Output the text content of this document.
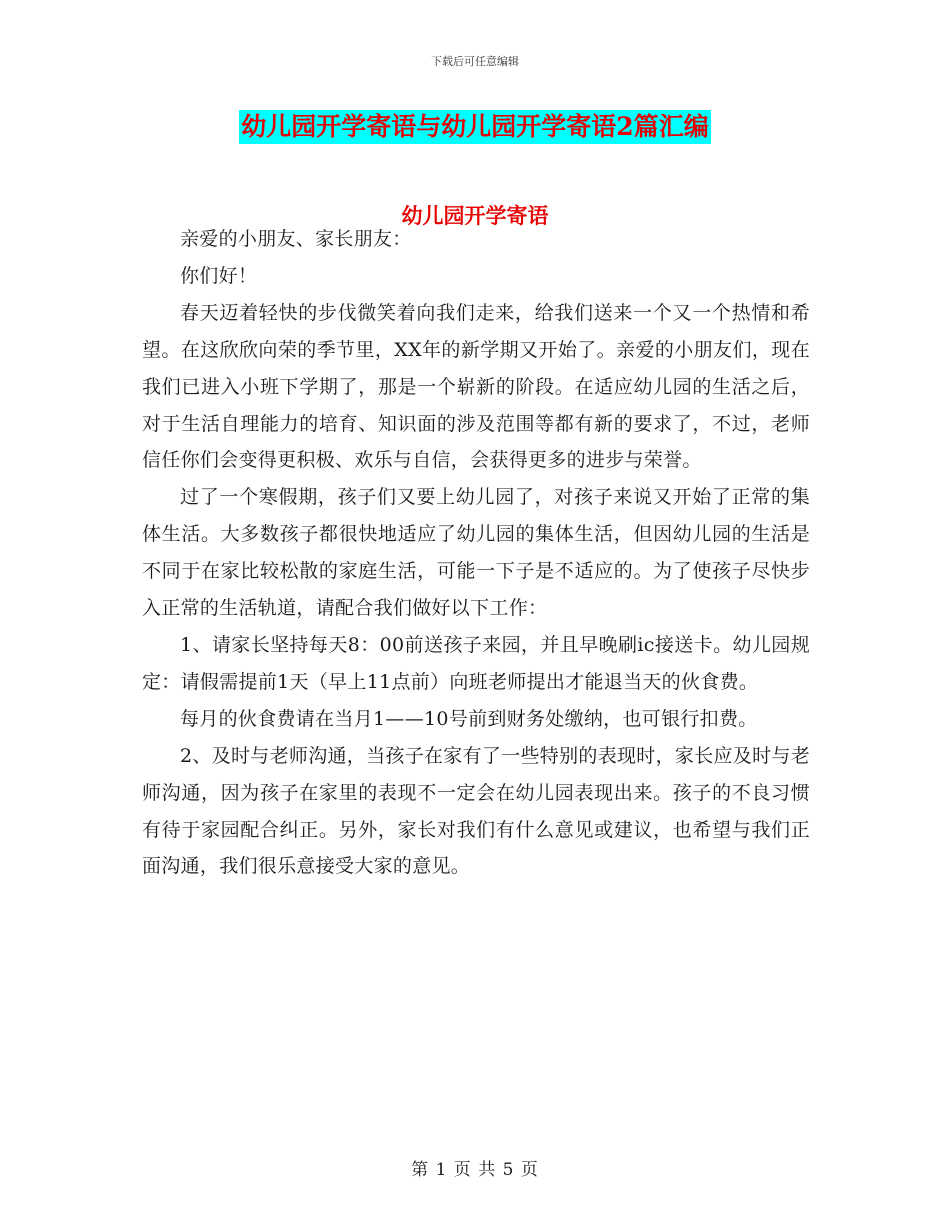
下载后可任意编辑
幼儿园开学寄语与幼儿园开学寄语2篇汇编
幼儿园开学寄语

亲爱的小朋友、家长朋友：

你们好！

春天迈着轻快的步伐微笑着向我们走来，给我们送来一个又一个热情和希望。在这欣欣向荣的季节里，XX年的新学期又开始了。亲爱的小朋友们，现在我们已进入小班下学期了，那是一个崭新的阶段。在适应幼儿园的生活之后，对于生活自理能力的培育、知识面的涉及范围等都有新的要求了，不过，老师信任你们会变得更积极、欢乐与自信，会获得更多的进步与荣誉。

过了一个寒假期，孩子们又要上幼儿园了，对孩子来说又开始了正常的集体生活。大多数孩子都很快地适应了幼儿园的集体生活，但因幼儿园的生活是不同于在家比较松散的家庭生活，可能一下子是不适应的。为了使孩子尽快步入正常的生活轨道，请配合我们做好以下工作：

1、请家长坚持每天8：00前送孩子来园，并且早晚刷ic接送卡。幼儿园规定：请假需提前1天（早上11点前）向班老师提出才能退当天的伙食费。

每月的伙食费请在当月1——10号前到财务处缴纳，也可银行扣费。

2、及时与老师沟通，当孩子在家有了一些特别的表现时，家长应及时与老师沟通，因为孩子在家里的表现不一定会在幼儿园表现出来。孩子的不良习惯有待于家园配合纠正。另外，家长对我们有什么意见或建议，也希望与我们正面沟通，我们很乐意接受大家的意见。

第 1 页 共 5 页
